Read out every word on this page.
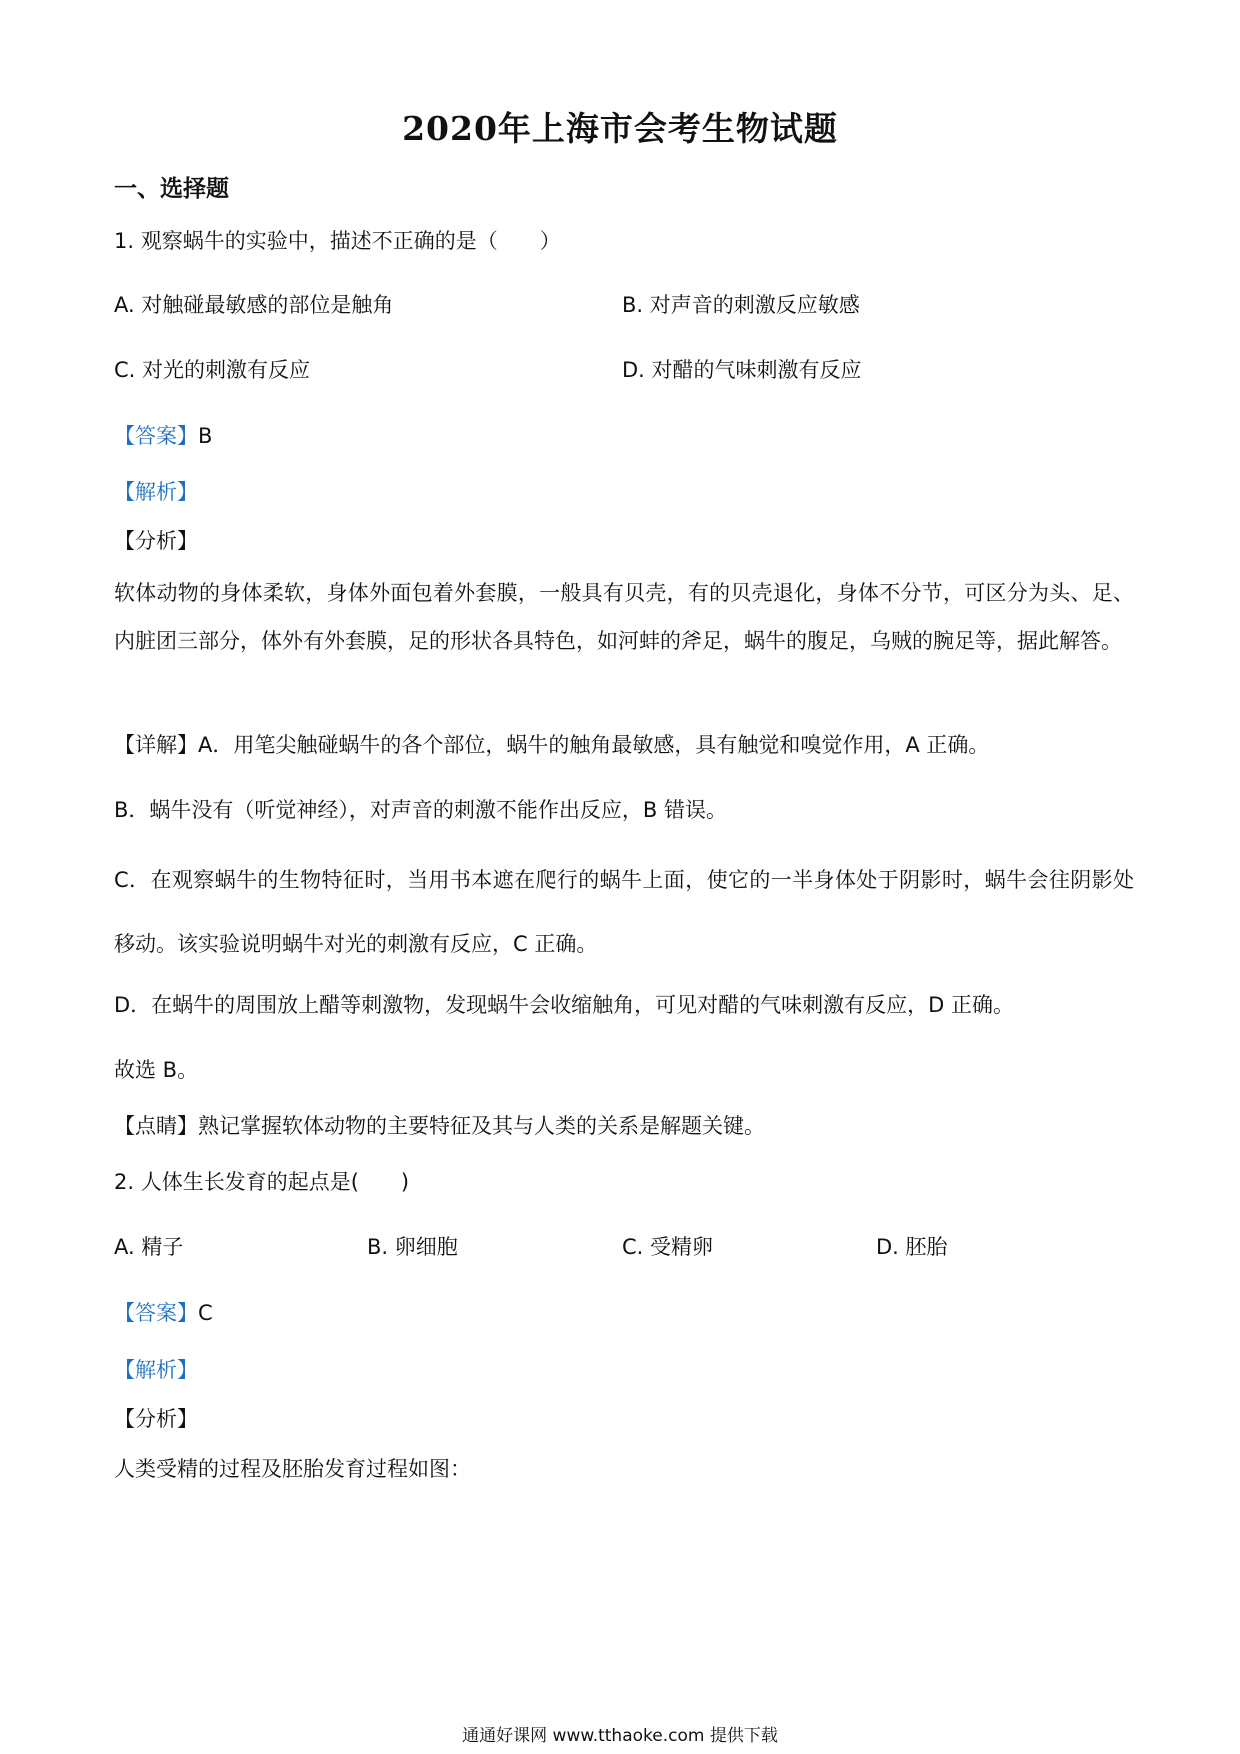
2020年上海市会考生物试题
一、选择题
1. 观察蜗牛的实验中，描述不正确的是（　　）
A. 对触碰最敏感的部位是触角	B. 对声音的刺激反应敏感
C. 对光的刺激有反应	D. 对醋的气味刺激有反应
【答案】B
【解析】
【分析】
软体动物的身体柔软，身体外面包着外套膜，一般具有贝壳，有的贝壳退化，身体不分节，可区分为头、足、内脏团三部分，体外有外套膜，足的形状各具特色，如河蚌的斧足，蜗牛的腹足，乌贼的腕足等，据此解答。
【详解】A．用笔尖触碰蜗牛的各个部位，蜗牛的触角最敏感，具有触觉和嗅觉作用，A 正确。
B．蜗牛没有（听觉神经），对声音的刺激不能作出反应，B 错误。
C．在观察蜗牛的生物特征时，当用书本遮在爬行的蜗牛上面，使它的一半身体处于阴影时，蜗牛会往阴影处移动。该实验说明蜗牛对光的刺激有反应，C 正确。
D．在蜗牛的周围放上醋等刺激物，发现蜗牛会收缩触角，可见对醋的气味刺激有反应，D 正确。
故选 B。
【点睛】熟记掌握软体动物的主要特征及其与人类的关系是解题关键。
2. 人体生长发育的起点是(　　)
A. 精子	B. 卵细胞	C. 受精卵	D. 胚胎
【答案】C
【解析】
【分析】
人类受精的过程及胚胎发育过程如图：
通通好课网 www.tthaoke.com 提供下载
